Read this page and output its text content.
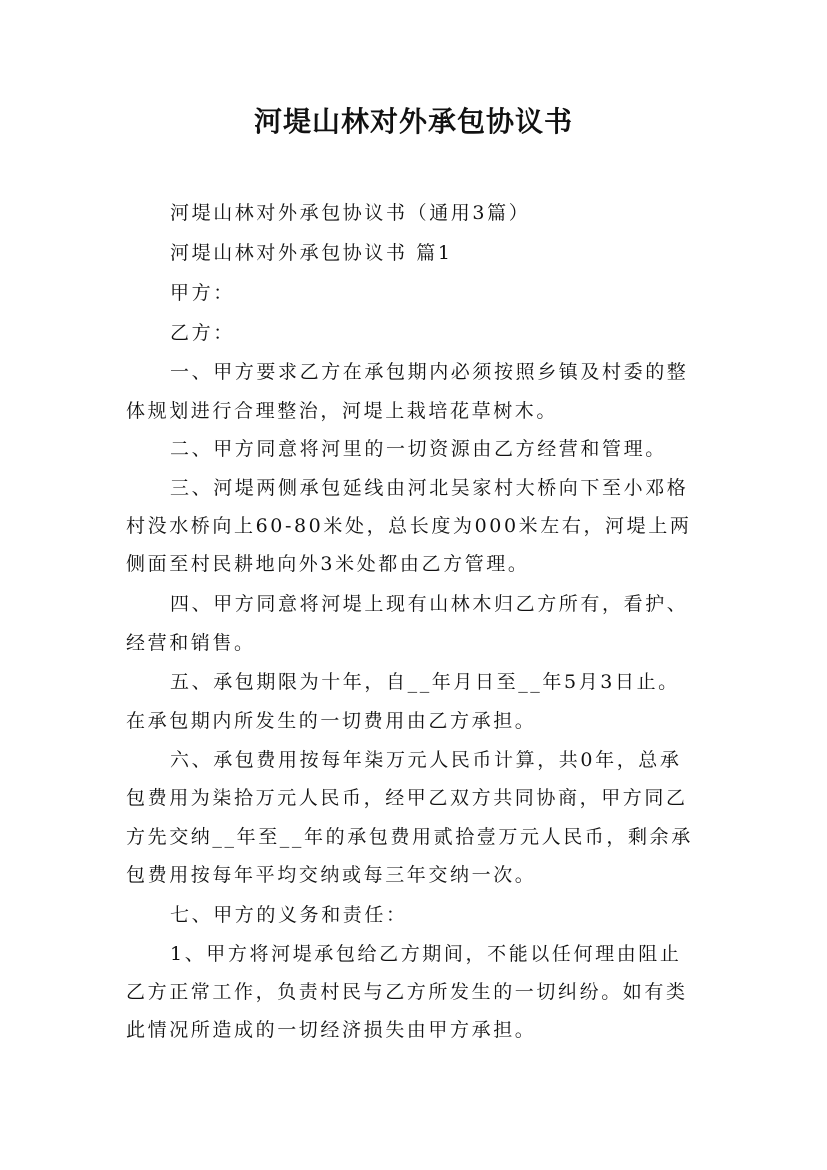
河堤山林对外承包协议书
河堤山林对外承包协议书（通用3篇）
河堤山林对外承包协议书 篇1
甲方：
乙方：
一、甲方要求乙方在承包期内必须按照乡镇及村委的整
体规划进行合理整治，河堤上栽培花草树木。
二、甲方同意将河里的一切资源由乙方经营和管理。
三、河堤两侧承包延线由河北吴家村大桥向下至小邓格
村没水桥向上60-80米处，总长度为000米左右，河堤上两
侧面至村民耕地向外3米处都由乙方管理。
四、甲方同意将河堤上现有山林木归乙方所有，看护、
经营和销售。
五、承包期限为十年，自__年月日至__年5月3日止。
在承包期内所发生的一切费用由乙方承担。
六、承包费用按每年柒万元人民币计算，共0年，总承
包费用为柒拾万元人民币，经甲乙双方共同协商，甲方同乙
方先交纳__年至__年的承包费用贰拾壹万元人民币，剩余承
包费用按每年平均交纳或每三年交纳一次。
七、甲方的义务和责任：
1、甲方将河堤承包给乙方期间，不能以任何理由阻止
乙方正常工作，负责村民与乙方所发生的一切纠纷。如有类
此情况所造成的一切经济损失由甲方承担。
